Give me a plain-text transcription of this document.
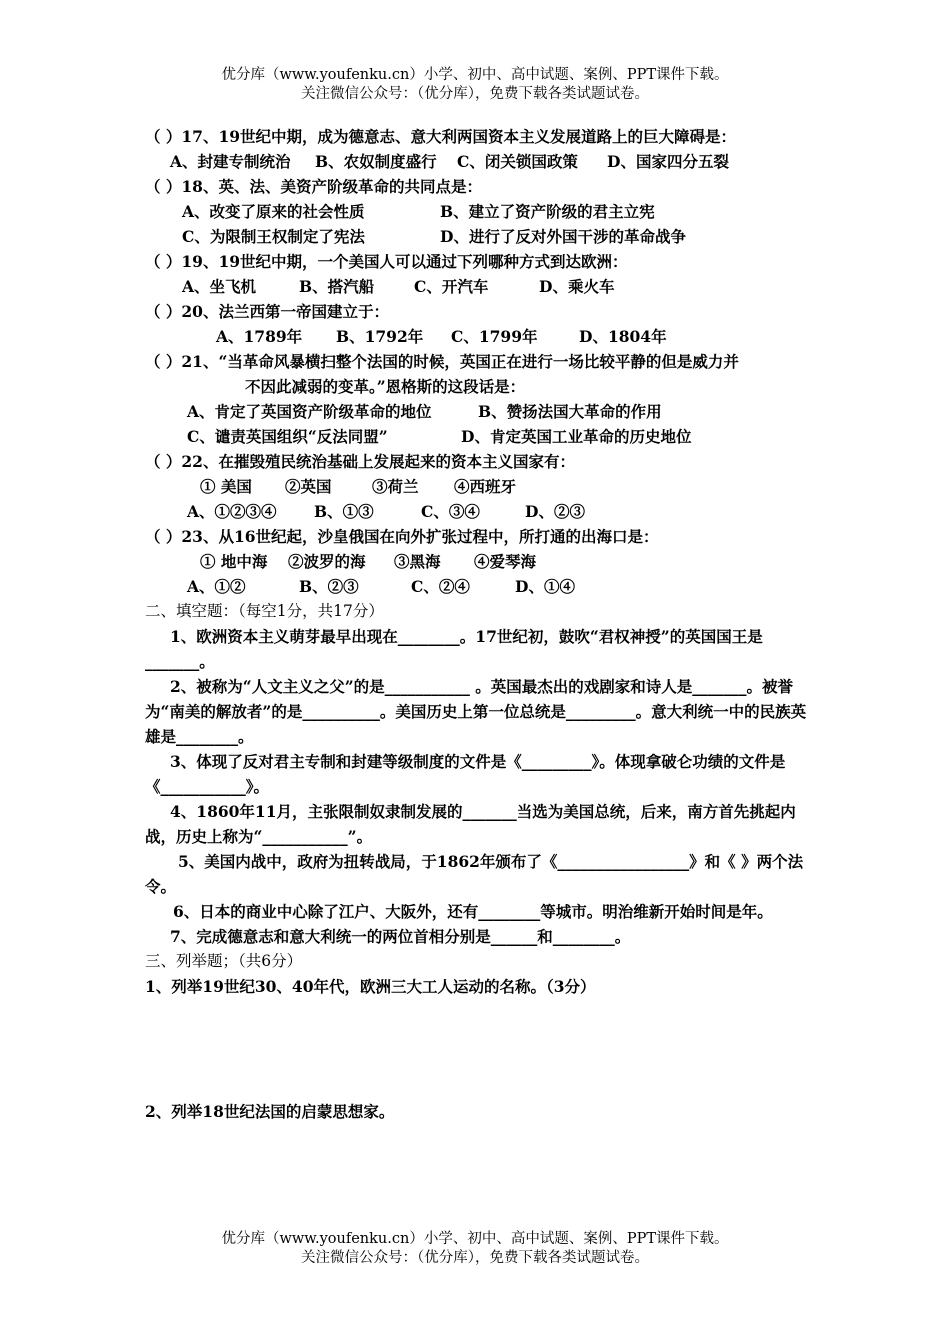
优分库（www.youfenku.cn）小学、初中、高中试题、案例、PPT课件下载。
关注微信公众号：（优分库），免费下载各类试题试卷。
（ ）17、19世纪中期，成为德意志、意大利两国资本主义发展道路上的巨大障碍是：
A、封建专制统治 B、农奴制度盛行 C、闭关锁国政策 D、国家四分五裂
（ ）18、英、法、美资产阶级革命的共同点是：
A、改变了原来的社会性质	B、建立了资产阶级的君主立宪
C、为限制王权制定了宪法	D、进行了反对外国干涉的革命战争
（ ）19、19世纪中期，一个美国人可以通过下列哪种方式到达欧洲：
A、坐飞机	B、搭汽船	C、开汽车	D、乘火车
（ ）20、法兰西第一帝国建立于：
A、1789年 B、1792年 C、1799年	D、1804年
（ ）21、“当革命风暴横扫整个法国的时候，英国正在进行一场比较平静的但是威力并
不因此减弱的变革。”恩格斯的这段话是：
A、肯定了英国资产阶级革命的地位	B、赞扬法国大革命的作用
C、谴责英国组织“反法同盟”	D、肯定英国工业革命的历史地位
（ ）22、在摧毁殖民统治基础上发展起来的资本主义国家有：
① 美国 ②英国	③荷兰 ④西班牙
A、①②③④ B、①③	C、③④	D、②③
（ ）23、从16世纪起，沙皇俄国在向外扩张过程中，所打通的出海口是：
① 地中海 ②波罗的海 ③黑海 ④爱琴海
A、①②	B、②③	C、②④	D、①④
二、填空题：（每空1分，共17分）
1、欧洲资本主义萌芽最早出现在________。17世纪初，鼓吹“君权神授”的英国国王是_______。
2、被称为“人文主义之父”的是___________ 。英国最杰出的戏剧家和诗人是_______。被誉为“南美的解放者”的是__________。美国历史上第一位总统是_________。意大利统一中的民族英雄是________。
3、体现了反对君主专制和封建等级制度的文件是《_________》。体现拿破仑功绩的文件是《___________》。
4、1860年11月，主张限制奴隶制发展的_______当选为美国总统，后来，南方首先挑起内战，历史上称为“___________”。
5、美国内战中，政府为扭转战局，于1862年颁布了《_________________》和《 》两个法令。
6、日本的商业中心除了江户、大阪外，还有________等城市。明治维新开始时间是年。
7、完成德意志和意大利统一的两位首相分别是______和________。
三、列举题；（共6分）
1、列举19世纪30、40年代，欧洲三大工人运动的名称。（3分）
2、列举18世纪法国的启蒙思想家。
优分库（www.youfenku.cn）小学、初中、高中试题、案例、PPT课件下载。
关注微信公众号：（优分库），免费下载各类试题试卷。
